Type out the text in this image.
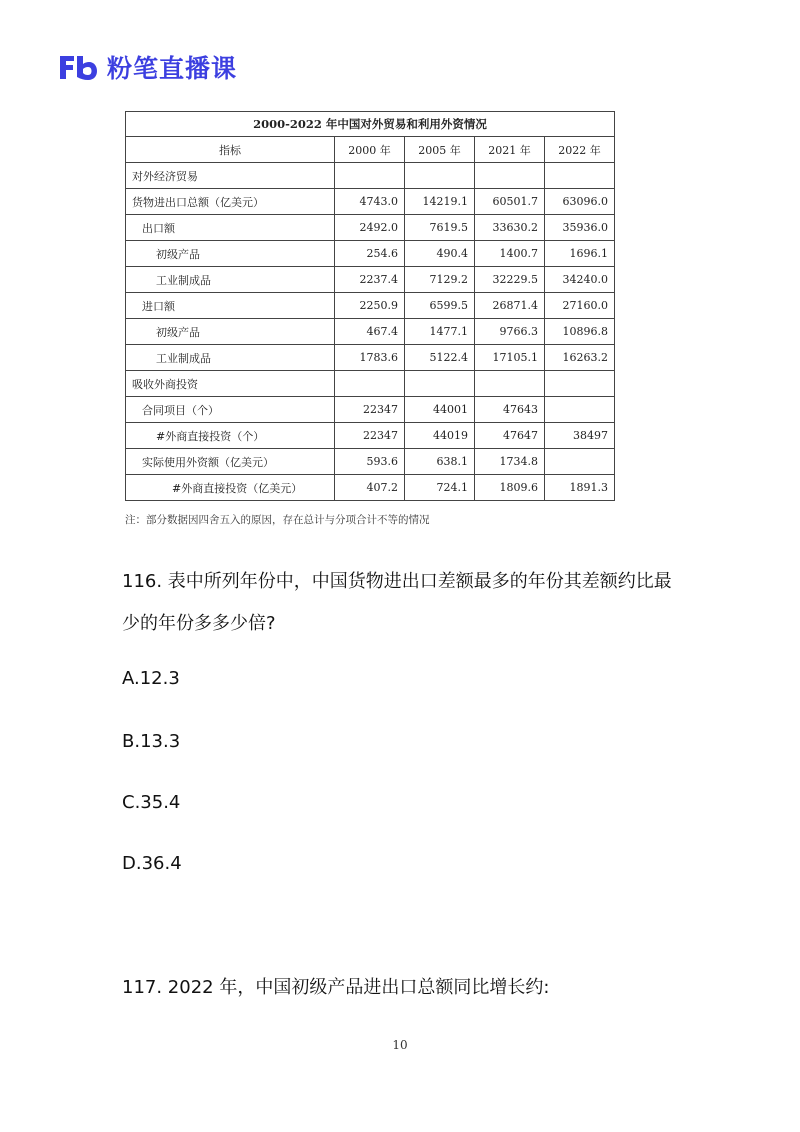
粉笔直播课
2000-2022 年中国对外贸易和利用外资情况				
指标	2000 年	2005 年	2021 年	2022 年
对外经济贸易				
货物进出口总额（亿美元）	4743.0	14219.1	60501.7	63096.0
出口额	2492.0	7619.5	33630.2	35936.0
初级产品	254.6	490.4	1400.7	1696.1
工业制成品	2237.4	7129.2	32229.5	34240.0
进口额	2250.9	6599.5	26871.4	27160.0
初级产品	467.4	1477.1	9766.3	10896.8
工业制成品	1783.6	5122.4	17105.1	16263.2
吸收外商投资				
合同项目（个）	22347	44001	47643	
#外商直接投资（个）	22347	44019	47647	38497
实际使用外资额（亿美元）	593.6	638.1	1734.8	
#外商直接投资（亿美元）	407.2	724.1	1809.6	1891.3
注：部分数据因四舍五入的原因，存在总计与分项合计不等的情况
116. 表中所列年份中，中国货物进出口差额最多的年份其差额约比最
少的年份多多少倍?
A.12.3
B.13.3
C.35.4
D.36.4
117. 2022 年，中国初级产品进出口总额同比增长约:
10
